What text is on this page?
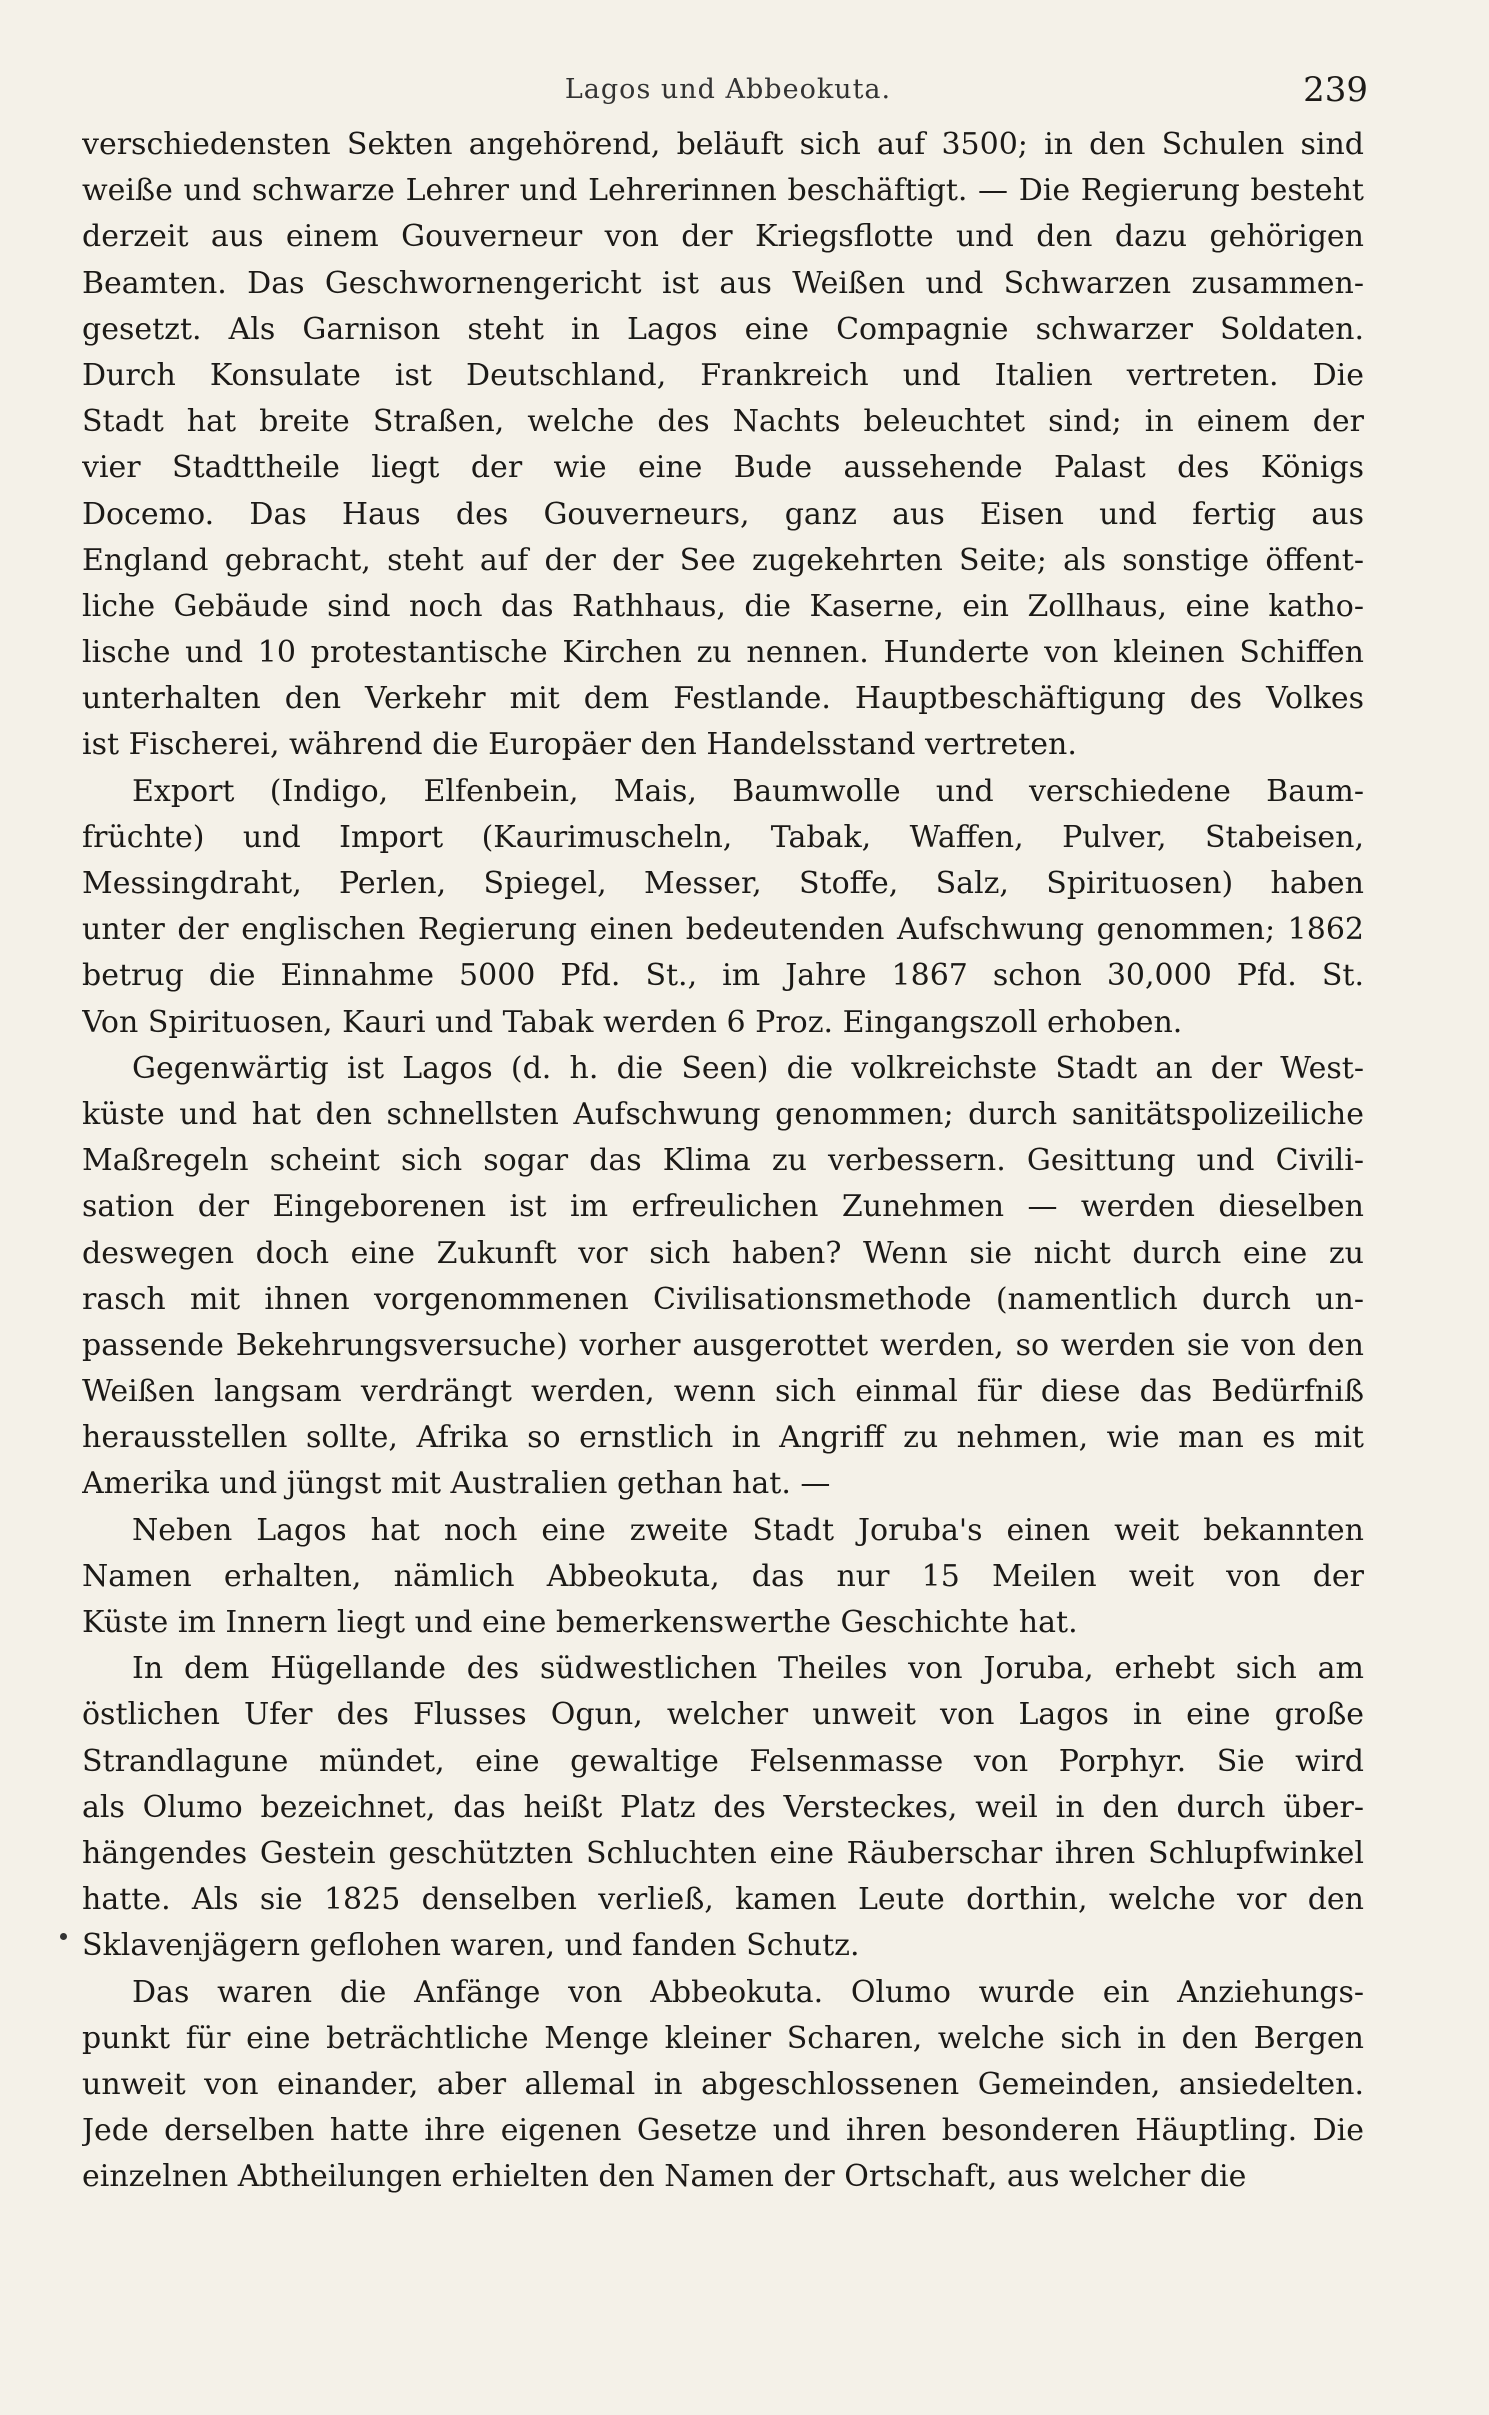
Lagos und Abbeokuta.	239
verschiedensten Sekten angehörend, beläuft sich auf 3500; in den Schulen sind
weiße und schwarze Lehrer und Lehrerinnen beschäftigt. — Die Regierung besteht
derzeit aus einem Gouverneur von der Kriegsflotte und den dazu gehörigen
Beamten. Das Geschwornengericht ist aus Weißen und Schwarzen zusammen-
gesetzt. Als Garnison steht in Lagos eine Compagnie schwarzer Soldaten.
Durch Konsulate ist Deutschland, Frankreich und Italien vertreten. Die
Stadt hat breite Straßen, welche des Nachts beleuchtet sind; in einem der
vier Stadttheile liegt der wie eine Bude aussehende Palast des Königs
Docemo. Das Haus des Gouverneurs, ganz aus Eisen und fertig aus
England gebracht, steht auf der der See zugekehrten Seite; als sonstige öffent-
liche Gebäude sind noch das Rathhaus, die Kaserne, ein Zollhaus, eine katho-
lische und 10 protestantische Kirchen zu nennen. Hunderte von kleinen Schiffen
unterhalten den Verkehr mit dem Festlande. Hauptbeschäftigung des Volkes
ist Fischerei, während die Europäer den Handelsstand vertreten.
Export (Indigo, Elfenbein, Mais, Baumwolle und verschiedene Baum-
früchte) und Import (Kaurimuscheln, Tabak, Waffen, Pulver, Stabeisen,
Messingdraht, Perlen, Spiegel, Messer, Stoffe, Salz, Spirituosen) haben
unter der englischen Regierung einen bedeutenden Aufschwung genommen; 1862
betrug die Einnahme 5000 Pfd. St., im Jahre 1867 schon 30,000 Pfd. St.
Von Spirituosen, Kauri und Tabak werden 6 Proz. Eingangszoll erhoben.
Gegenwärtig ist Lagos (d. h. die Seen) die volkreichste Stadt an der West-
küste und hat den schnellsten Aufschwung genommen; durch sanitätspolizeiliche
Maßregeln scheint sich sogar das Klima zu verbessern. Gesittung und Civili-
sation der Eingeborenen ist im erfreulichen Zunehmen — werden dieselben
deswegen doch eine Zukunft vor sich haben? Wenn sie nicht durch eine zu
rasch mit ihnen vorgenommenen Civilisationsmethode (namentlich durch un-
passende Bekehrungsversuche) vorher ausgerottet werden, so werden sie von den
Weißen langsam verdrängt werden, wenn sich einmal für diese das Bedürfniß
herausstellen sollte, Afrika so ernstlich in Angriff zu nehmen, wie man es mit
Amerika und jüngst mit Australien gethan hat. —
Neben Lagos hat noch eine zweite Stadt Joruba's einen weit bekannten
Namen erhalten, nämlich Abbeokuta, das nur 15 Meilen weit von der
Küste im Innern liegt und eine bemerkenswerthe Geschichte hat.
In dem Hügellande des südwestlichen Theiles von Joruba, erhebt sich am
östlichen Ufer des Flusses Ogun, welcher unweit von Lagos in eine große
Strandlagune mündet, eine gewaltige Felsenmasse von Porphyr. Sie wird
als Olumo bezeichnet, das heißt Platz des Versteckes, weil in den durch über-
hängendes Gestein geschützten Schluchten eine Räuberschar ihren Schlupfwinkel
hatte. Als sie 1825 denselben verließ, kamen Leute dorthin, welche vor den
Sklavenjägern geflohen waren, und fanden Schutz.
Das waren die Anfänge von Abbeokuta. Olumo wurde ein Anziehungs-
punkt für eine beträchtliche Menge kleiner Scharen, welche sich in den Bergen
unweit von einander, aber allemal in abgeschlossenen Gemeinden, ansiedelten.
Jede derselben hatte ihre eigenen Gesetze und ihren besonderen Häuptling. Die
einzelnen Abtheilungen erhielten den Namen der Ortschaft, aus welcher die
